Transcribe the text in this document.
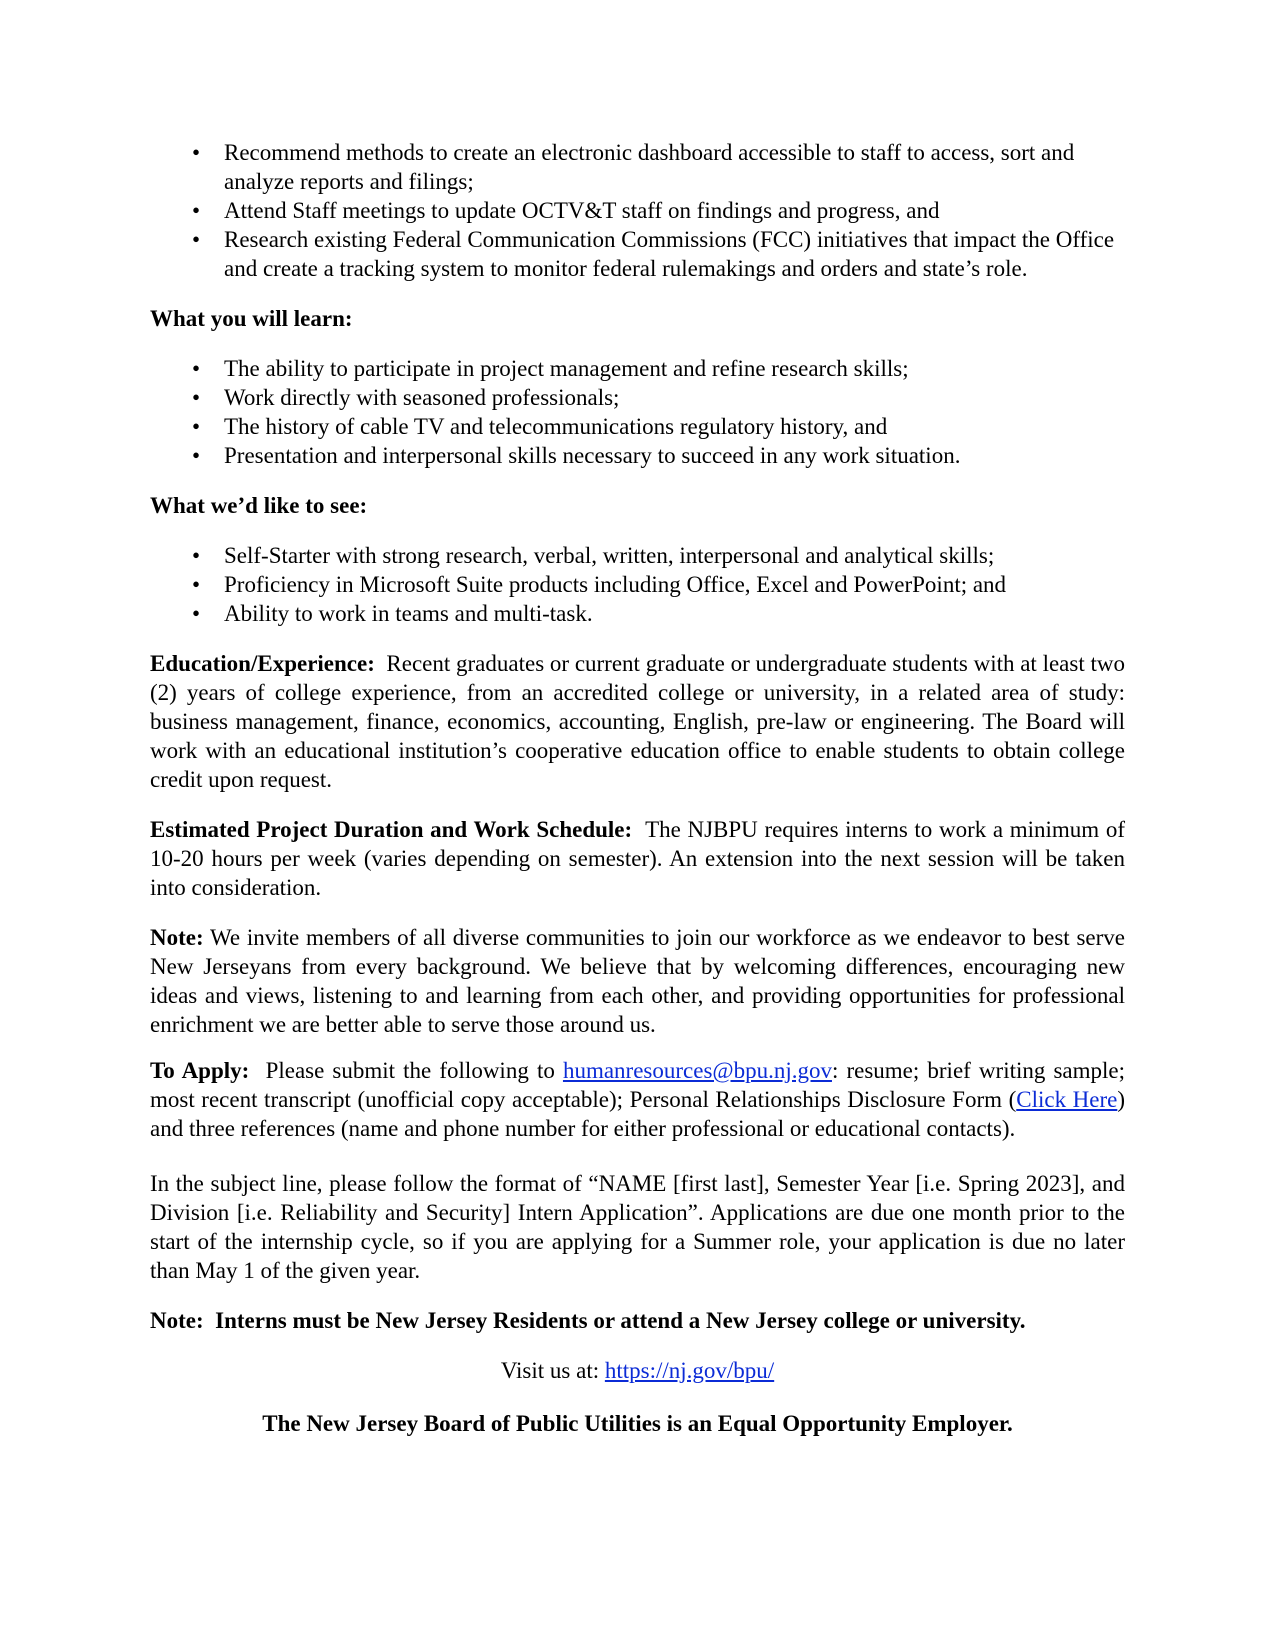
• Recommend methods to create an electronic dashboard accessible to staff to access, sort and analyze reports and filings;
• Attend Staff meetings to update OCTV&T staff on findings and progress, and
• Research existing Federal Communication Commissions (FCC) initiatives that impact the Office and create a tracking system to monitor federal rulemakings and orders and state’s role.

What you will learn:

• The ability to participate in project management and refine research skills;
• Work directly with seasoned professionals;
• The history of cable TV and telecommunications regulatory history, and
• Presentation and interpersonal skills necessary to succeed in any work situation.

What we’d like to see:

• Self-Starter with strong research, verbal, written, interpersonal and analytical skills;
• Proficiency in Microsoft Suite products including Office, Excel and PowerPoint; and
• Ability to work in teams and multi-task.

Education/Experience: Recent graduates or current graduate or undergraduate students with at least two (2) years of college experience, from an accredited college or university, in a related area of study: business management, finance, economics, accounting, English, pre-law or engineering. The Board will work with an educational institution’s cooperative education office to enable students to obtain college credit upon request.

Estimated Project Duration and Work Schedule: The NJBPU requires interns to work a minimum of 10-20 hours per week (varies depending on semester). An extension into the next session will be taken into consideration.

Note: We invite members of all diverse communities to join our workforce as we endeavor to best serve New Jerseyans from every background. We believe that by welcoming differences, encouraging new ideas and views, listening to and learning from each other, and providing opportunities for professional enrichment we are better able to serve those around us.

To Apply: Please submit the following to humanresources@bpu.nj.gov: resume; brief writing sample; most recent transcript (unofficial copy acceptable); Personal Relationships Disclosure Form (Click Here) and three references (name and phone number for either professional or educational contacts).

In the subject line, please follow the format of “NAME [first last], Semester Year [i.e. Spring 2023], and Division [i.e. Reliability and Security] Intern Application”. Applications are due one month prior to the start of the internship cycle, so if you are applying for a Summer role, your application is due no later than May 1 of the given year.

Note: Interns must be New Jersey Residents or attend a New Jersey college or university.

Visit us at: https://nj.gov/bpu/

The New Jersey Board of Public Utilities is an Equal Opportunity Employer.
